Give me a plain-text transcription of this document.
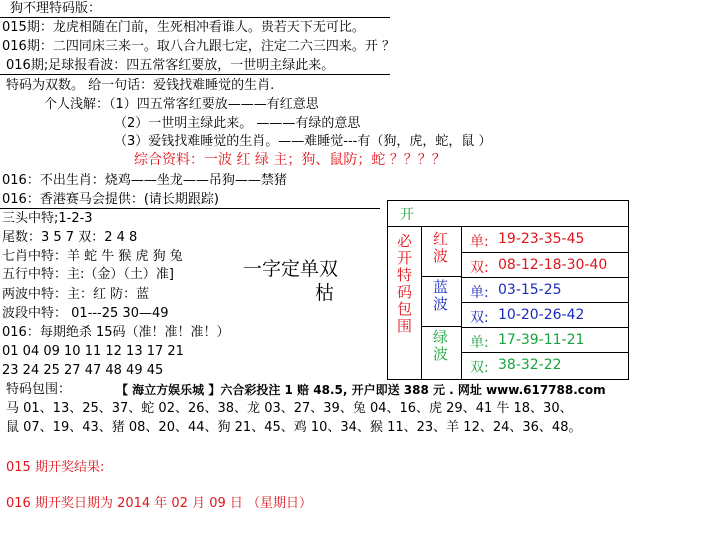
狗不理特码版：
015期：龙虎相随在门前，生死相冲看谁人。贵若天下无可比。
016期：二四同床三来一。取八合九跟七定，注定二六三四来。开 ？
016期;足球报看波：四五常客红要放，一世明主绿此来。
特码为双数。 给一句话：爱钱找难睡觉的生肖.
个人浅解：（1）四五常客红要放———有红意思
（2）一世明主绿此来。 ———有绿的意思
（3）爱钱找难睡觉的生肖。——难睡觉---有（狗，虎，蛇，鼠 ）
综合资料：一波 红 绿 主；狗、鼠防；蛇 ？？？？
016：不出生肖：烧鸡——坐龙——吊狗——禁猪
016：香港赛马会提供：(请长期跟踪)
三头中特;1-2-3
尾数：3 5 7 双：2 4 8
七肖中特：羊 蛇 牛 猴 虎 狗 兔
五行中特：主:（金）（土）准]
两波中特：主：红 防：蓝
波段中特： 01---25 30—49
016：每期绝杀 15码（准！准！准！）
01 04 09 10 11 12 13 17 21
23 24 25 27 47 48 49 45
一字定单双
枯
特码包围：	【 海立方娱乐城 】六合彩投注 1 赔 48.5, 开户即送 388 元 . 网址 www.617788.com
马 01、13、25、37、蛇 02、26、38、龙 03、27、39、兔 04、16、虎 29、41 牛 18、30、
鼠 07、19、43、猪 08、20、44、狗 21、45、鸡 10、34、猴 11、23、羊 12、24、36、48。
015 期开奖结果:
016 期开奖日期为 2014 年 02 月 09 日 （星期日）
开
必开特码包围 红波
蓝波
绿波
单: 19-23-35-45
双: 08-12-18-30-40
单: 03-15-25
双: 10-20-26-42
单: 17-39-11-21
双: 38-32-22
